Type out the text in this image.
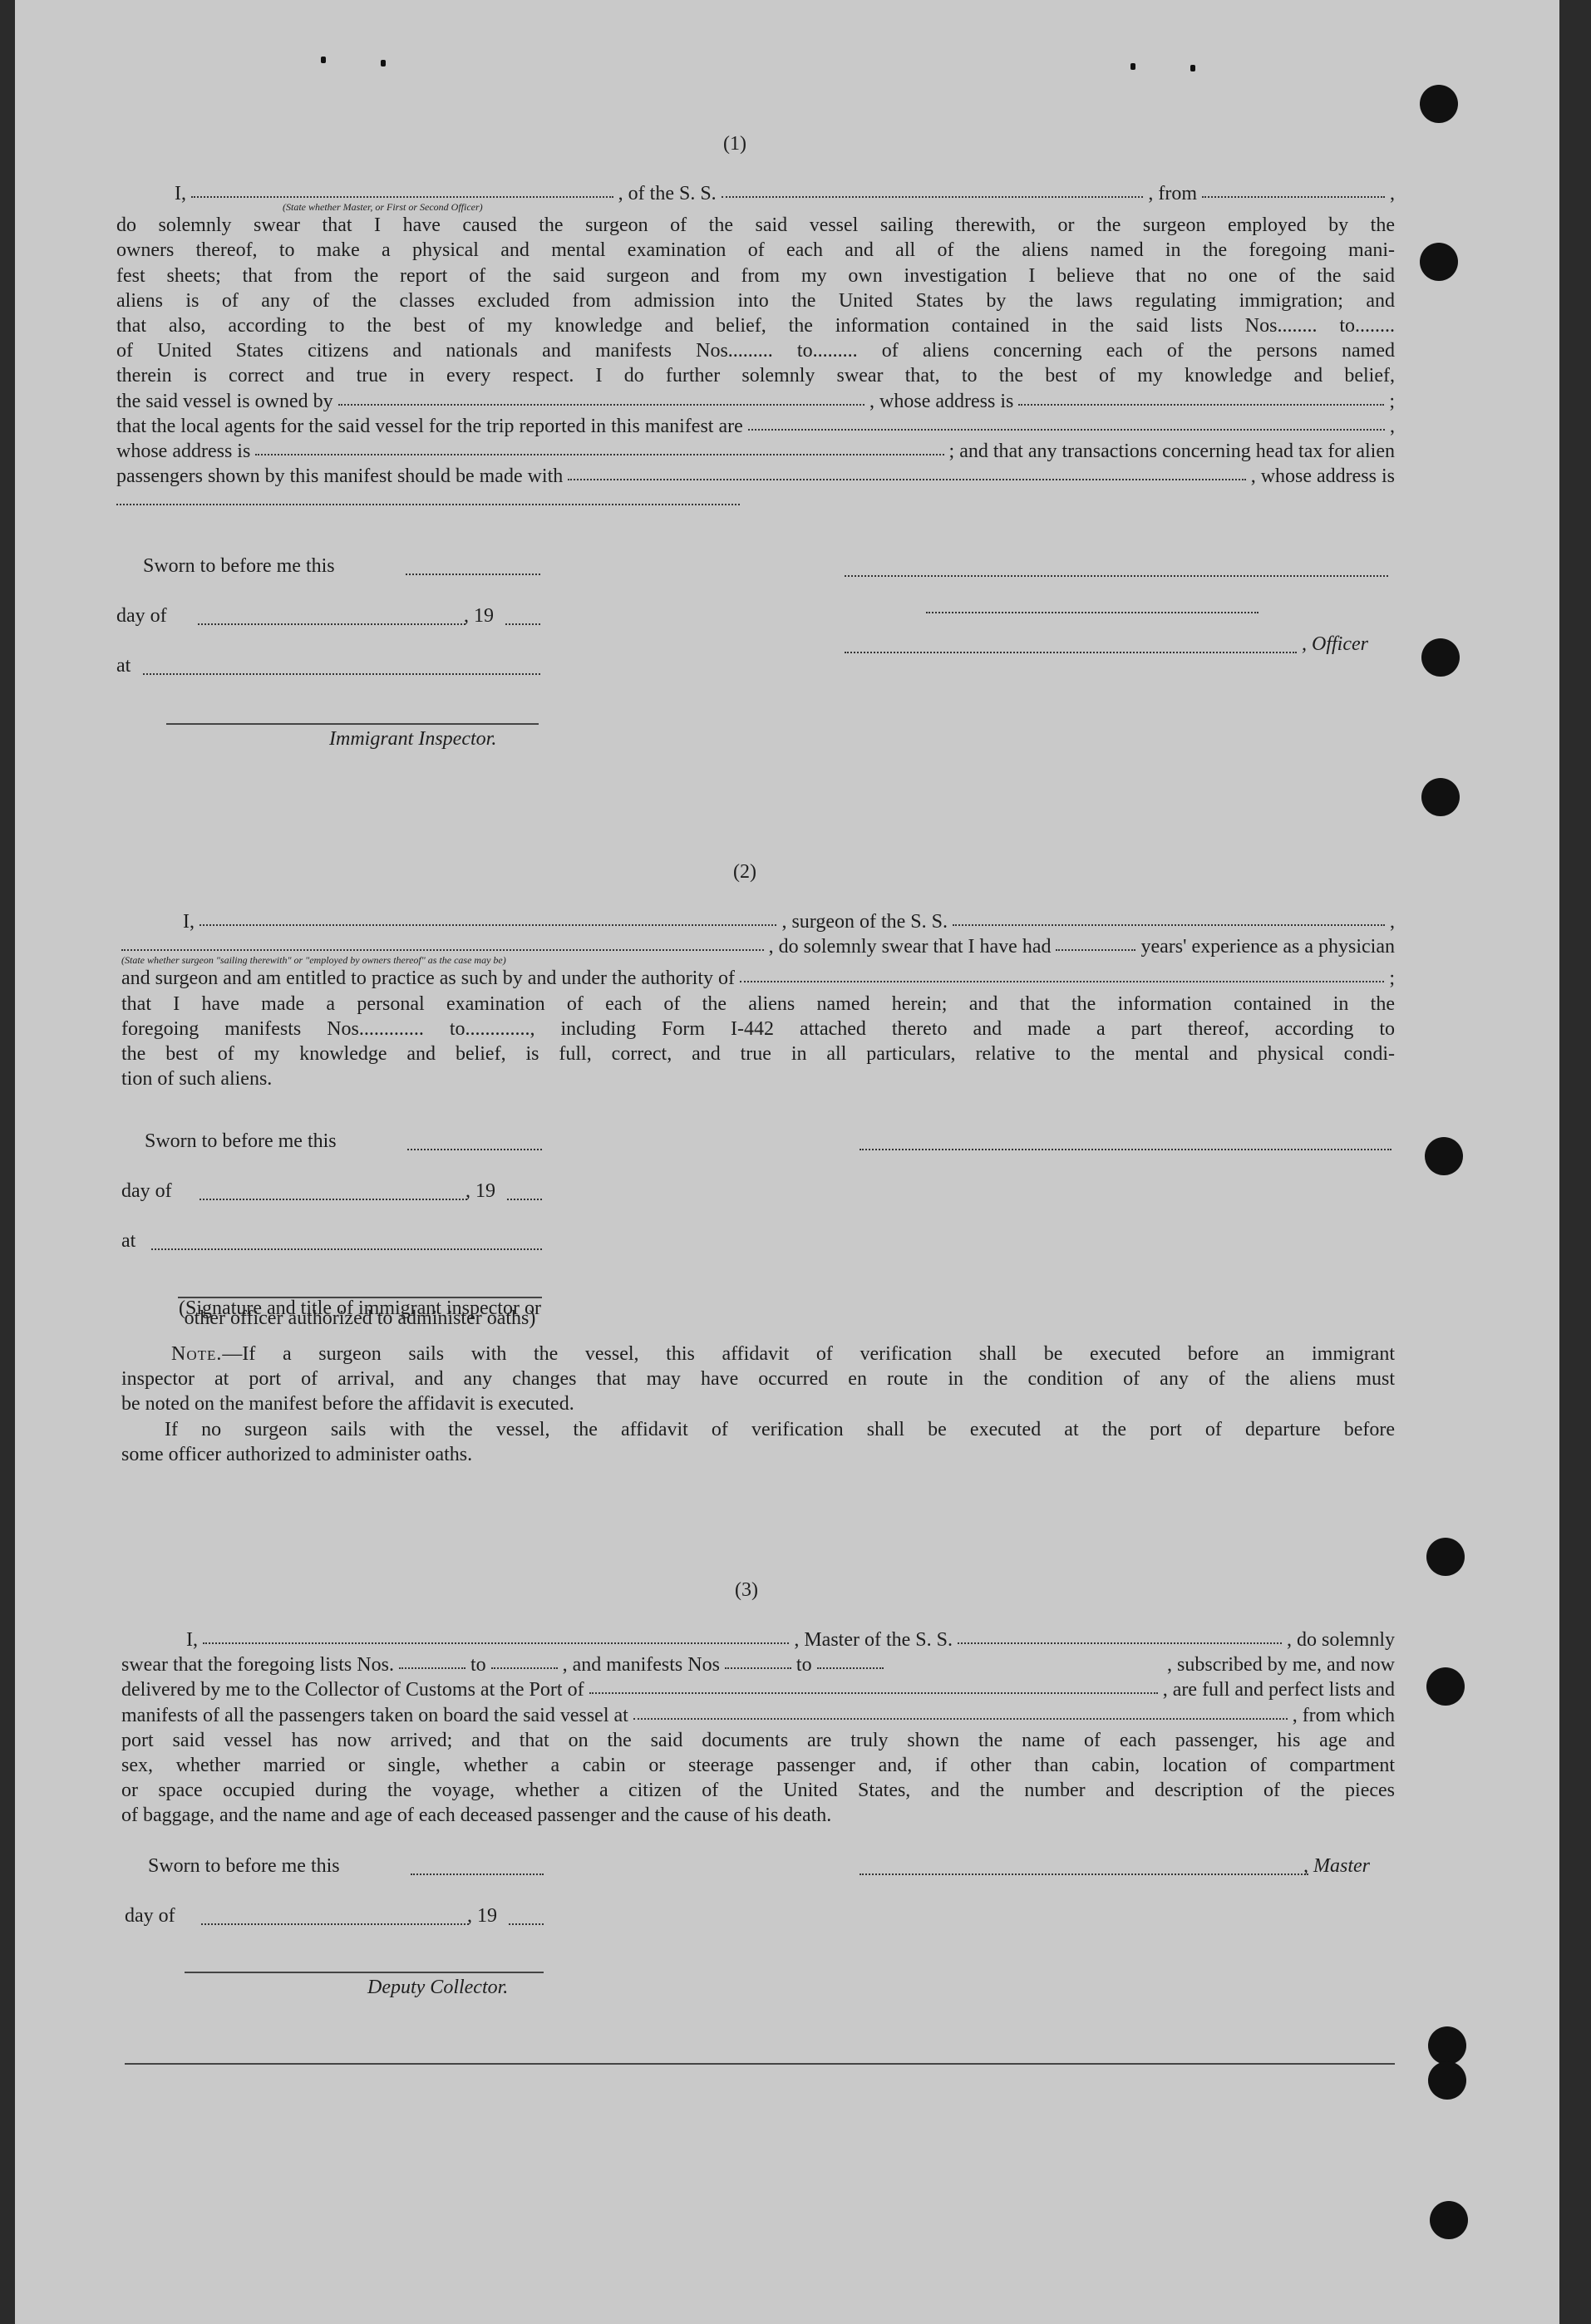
(1)
I,	, of the S. S.	, from	,
(State whether Master, or First or Second Officer)
do solemnly swear that I have caused the surgeon of the said vessel sailing therewith, or the surgeon employed by the
owners thereof, to make a physical and mental examination of each and all of the aliens named in the foregoing mani-
fest sheets; that from the report of the said surgeon and from my own investigation I believe that no one of the said
aliens is of any of the classes excluded from admission into the United States by the laws regulating immigration; and
that also, according to the best of my knowledge and belief, the information contained in the said lists Nos........ to........
of United States citizens and nationals and manifests Nos......... to......... of aliens concerning each of the persons named
therein is correct and true in every respect. I do further solemnly swear that, to the best of my knowledge and belief,
the said vessel is owned by	, whose address is	;
that the local agents for the said vessel for the trip reported in this manifest are	,
whose address is	; and that any transactions concerning head tax for alien
passengers shown by this manifest should be made with	, whose address is
Sworn to before me this
day of	, 19
at
, Officer
Immigrant Inspector.
(2)
I,	, surgeon of the S. S.	,
, do solemnly swear that I have had	years' experience as a physician
(State whether surgeon "sailing therewith" or "employed by owners thereof" as the case may be)
and surgeon and am entitled to practice as such by and under the authority of	;
that I have made a personal examination of each of the aliens named herein; and that the information contained in the
foregoing manifests Nos............. to............., including Form I-442 attached thereto and made a part thereof, according to
the best of my knowledge and belief, is full, correct, and true in all particulars, relative to the mental and physical condi-
tion of such aliens.
Sworn to before me this
day of	, 19
at
(Signature and title of immigrant inspector or other officer authorized to administer oaths)
Note.—If a surgeon sails with the vessel, this affidavit of verification shall be executed before an immigrant
inspector at port of arrival, and any changes that may have occurred en route in the condition of any of the aliens must
be noted on the manifest before the affidavit is executed.
If no surgeon sails with the vessel, the affidavit of verification shall be executed at the port of departure before
some officer authorized to administer oaths.
(3)
I,	, Master of the S. S.	, do solemnly
swear that the foregoing lists Nos.	to	, and manifests Nos	to	, subscribed by me, and now
delivered by me to the Collector of Customs at the Port of	, are full and perfect lists and
manifests of all the passengers taken on board the said vessel at	, from which
port said vessel has now arrived; and that on the said documents are truly shown the name of each passenger, his age and
sex, whether married or single, whether a cabin or steerage passenger and, if other than cabin, location of compartment
or space occupied during the voyage, whether a citizen of the United States, and the number and description of the pieces
of baggage, and the name and age of each deceased passenger and the cause of his death.
Sworn to before me this	, Master
day of	, 19
Deputy Collector.
